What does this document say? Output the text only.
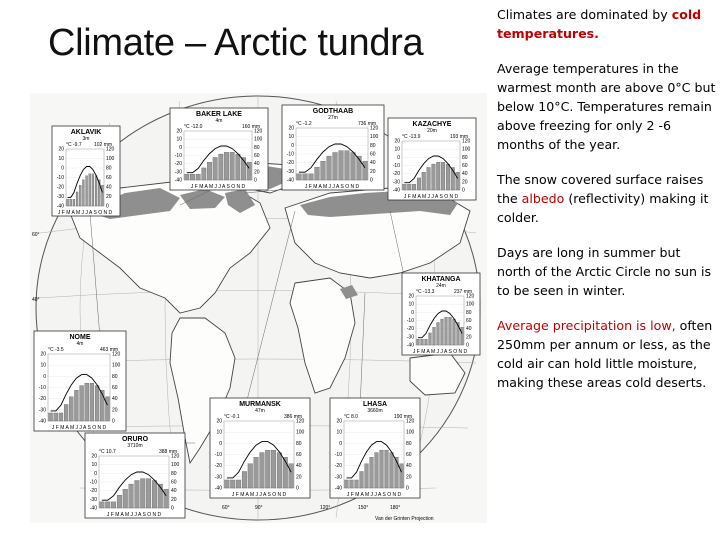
Climate – Arctic tundra
60°
40°
60°	90°	120°	150°	180°
Van der Grinten Projection
AKLAVIK
3m
°C -9.7 102 mm
20
10
0
-10
-20
-30
-40
120
100
80
60
40
20
0
J F M A M J J A S O N D
BAKER LAKE
4m
°C -12.0	160 mm
20
10
0
-10
-20
-30
-40
120
100
80
60
40
20
0
J F M A M J J A S O N D
GODTHAAB
27m
°C -1.2	736 mm
20
10
0
-10
-20
-30
-40
120
100
80
60
40
20
0
J F M A M J J A S O N D
KAZACHYE
20m
°C -13.9	193 mm
20
10
0
-10
-20
-30
-40
120
100
80
60
40
20
0
J F M A M J J A S O N D
KHATANGA
24m
°C -13.3	237 mm
20
10
0
-10
-20
-30
-40
120
100
80
60
40
20
0
J F M A M J J A S O N D
NOME
4m
°C -3.5	463 mm
20
10
0
-10
-20
-30
-40
120
100
80
60
40
20
0
J F M A M J J A S O N D
MURMANSK
47m
°C -0.1	386 mm
20
10
0
-10
-20
-30
-40
120
100
80
60
40
20
0
J F M A M J J A S O N D
LHASA
3660m
°C 8.0	190 mm
20
10
0
-10
-20
-30
-40
120
100
80
60
40
20
0
J F M A M J J A S O N D
ORURO
3710m
°C 10.7	388 mm
20
10
0
-10
-20
-30
-40
120
100
80
60
40
20
0
J F M A M J J A S O N D

Climates are dominated by cold temperatures.

Average temperatures in the warmest month are above 0°C but below 10°C. Temperatures remain above freezing for only 2 -6 months of the year.

The snow covered surface raises the albedo (reflectivity) making it colder.

Days are long in summer but north of the Arctic Circle no sun is to be seen in winter.

Average precipitation is low, often 250mm per annum or less, as the cold air can hold little moisture, making these areas cold deserts.
